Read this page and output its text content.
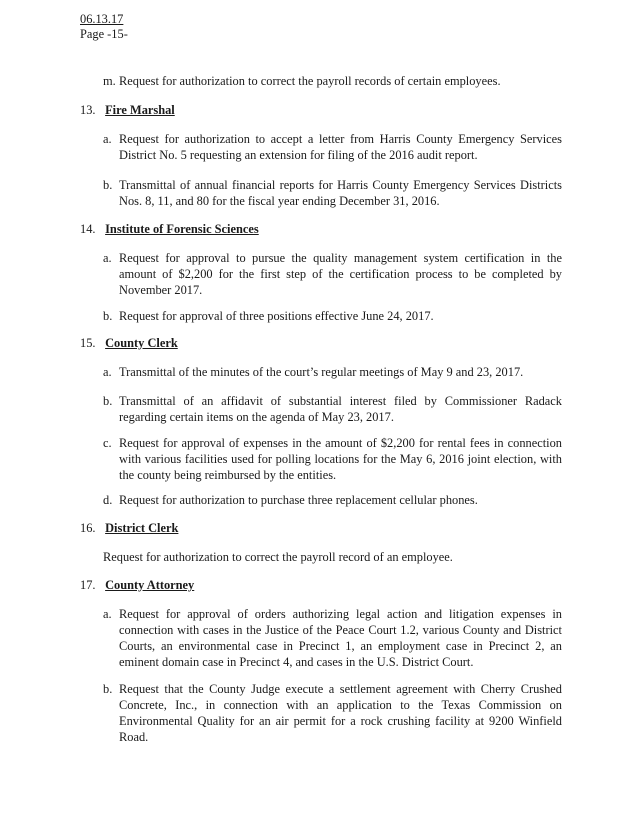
06.13.17
Page -15-
m. Request for authorization to correct the payroll records of certain employees.
13. Fire Marshal
a. Request for authorization to accept a letter from Harris County Emergency Services District No. 5 requesting an extension for filing of the 2016 audit report.
b. Transmittal of annual financial reports for Harris County Emergency Services Districts Nos. 8, 11, and 80 for the fiscal year ending December 31, 2016.
14. Institute of Forensic Sciences
a. Request for approval to pursue the quality management system certification in the amount of $2,200 for the first step of the certification process to be completed by November 2017.
b. Request for approval of three positions effective June 24, 2017.
15. County Clerk
a. Transmittal of the minutes of the court’s regular meetings of May 9 and 23, 2017.
b. Transmittal of an affidavit of substantial interest filed by Commissioner Radack regarding certain items on the agenda of May 23, 2017.
c. Request for approval of expenses in the amount of $2,200 for rental fees in connection with various facilities used for polling locations for the May 6, 2016 joint election, with the county being reimbursed by the entities.
d. Request for authorization to purchase three replacement cellular phones.
16. District Clerk
Request for authorization to correct the payroll record of an employee.
17. County Attorney
a. Request for approval of orders authorizing legal action and litigation expenses in connection with cases in the Justice of the Peace Court 1.2, various County and District Courts, an environmental case in Precinct 1, an employment case in Precinct 2, an eminent domain case in Precinct 4, and cases in the U.S. District Court.
b. Request that the County Judge execute a settlement agreement with Cherry Crushed Concrete, Inc., in connection with an application to the Texas Commission on Environmental Quality for an air permit for a rock crushing facility at 9200 Winfield Road.
